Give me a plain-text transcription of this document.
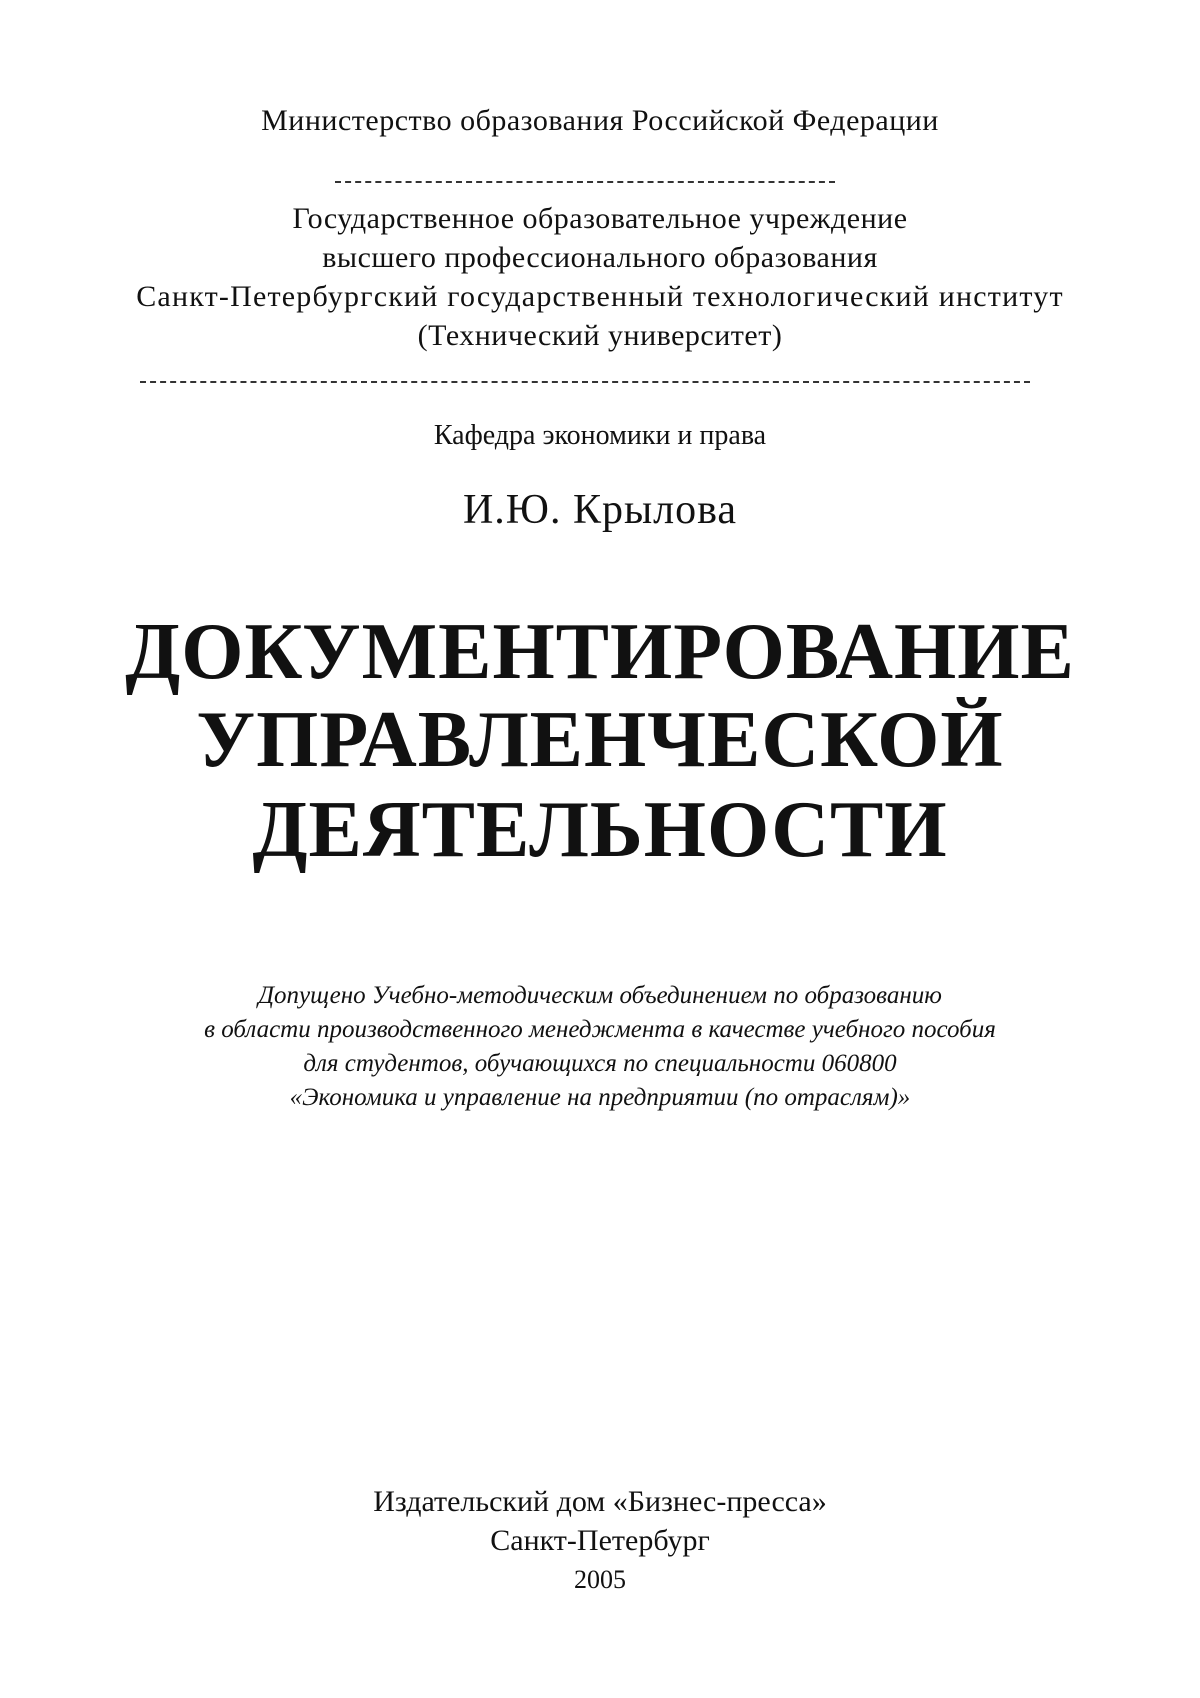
Министерство образования Российской Федерации
Государственное образовательное учреждение
высшего профессионального образования
Санкт-Петербургский государственный технологический институт
(Технический университет)
Кафедра экономики и права
И.Ю. Крылова
ДОКУМЕНТИРОВАНИЕ
УПРАВЛЕНЧЕСКОЙ
ДЕЯТЕЛЬНОСТИ
Допущено Учебно-методическим объединением по образованию
в области производственного менеджмента в качестве учебного пособия
для студентов, обучающихся по специальности 060800
«Экономика и управление на предприятии (по отраслям)»
Издательский дом «Бизнес-пресса»
Санкт-Петербург
2005
